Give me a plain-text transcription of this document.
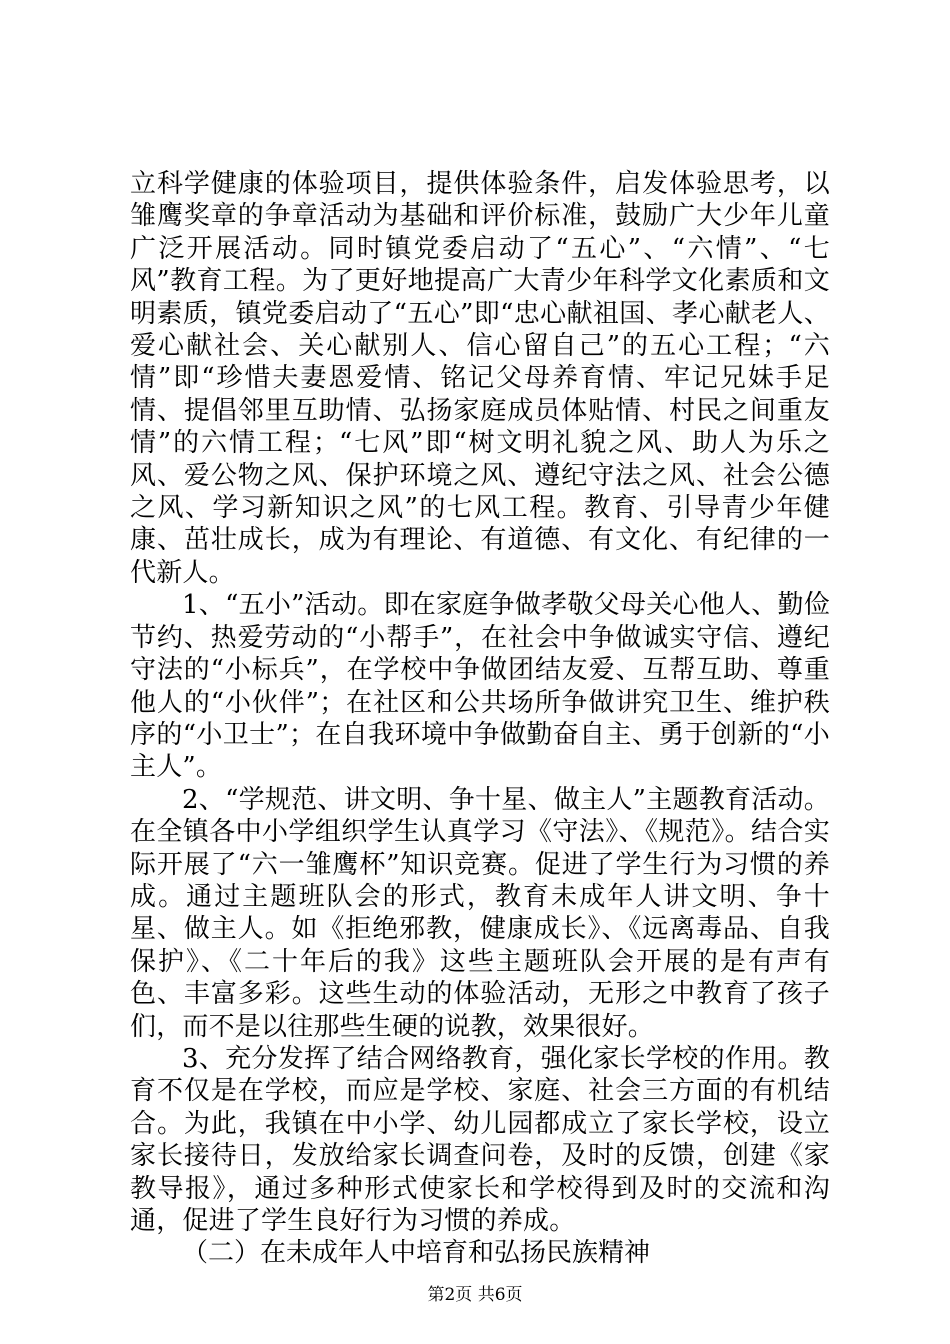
立科学健康的体验项目，提供体验条件，启发体验思考，以雏鹰奖章的争章活动为基础和评价标准，鼓励广大少年儿童广泛开展活动。同时镇党委启动了“五心”、“六情”、“七风”教育工程。为了更好地提高广大青少年科学文化素质和文明素质，镇党委启动了“五心”即“忠心献祖国、孝心献老人、爱心献社会、关心献别人、信心留自己”的五心工程；“六情”即“珍惜夫妻恩爱情、铭记父母养育情、牢记兄妹手足情、提倡邻里互助情、弘扬家庭成员体贴情、村民之间重友情”的六情工程；“七风”即“树文明礼貌之风、助人为乐之风、爱公物之风、保护环境之风、遵纪守法之风、社会公德之风、学习新知识之风”的七风工程。教育、引导青少年健康、茁壮成长，成为有理论、有道德、有文化、有纪律的一代新人。

1、“五小”活动。即在家庭争做孝敬父母关心他人、勤俭节约、热爱劳动的“小帮手”，在社会中争做诚实守信、遵纪守法的“小标兵”，在学校中争做团结友爱、互帮互助、尊重他人的“小伙伴”；在社区和公共场所争做讲究卫生、维护秩序的“小卫士”；在自我环境中争做勤奋自主、勇于创新的“小主人”。

2、“学规范、讲文明、争十星、做主人”主题教育活动。在全镇各中小学组织学生认真学习《守法》、《规范》。结合实际开展了“六一雏鹰杯”知识竞赛。促进了学生行为习惯的养成。通过主题班队会的形式，教育未成年人讲文明、争十星、做主人。如《拒绝邪教，健康成长》、《远离毒品、自我保护》、《二十年后的我》这些主题班队会开展的是有声有色、丰富多彩。这些生动的体验活动，无形之中教育了孩子们，而不是以往那些生硬的说教，效果很好。

3、充分发挥了结合网络教育，强化家长学校的作用。教育不仅是在学校，而应是学校、家庭、社会三方面的有机结合。为此，我镇在中小学、幼儿园都成立了家长学校，设立家长接待日，发放给家长调查问卷，及时的反馈，创建《家教导报》，通过多种形式使家长和学校得到及时的交流和沟通，促进了学生良好行为习惯的养成。

（二）在未成年人中培育和弘扬民族精神

第2页 共6页
